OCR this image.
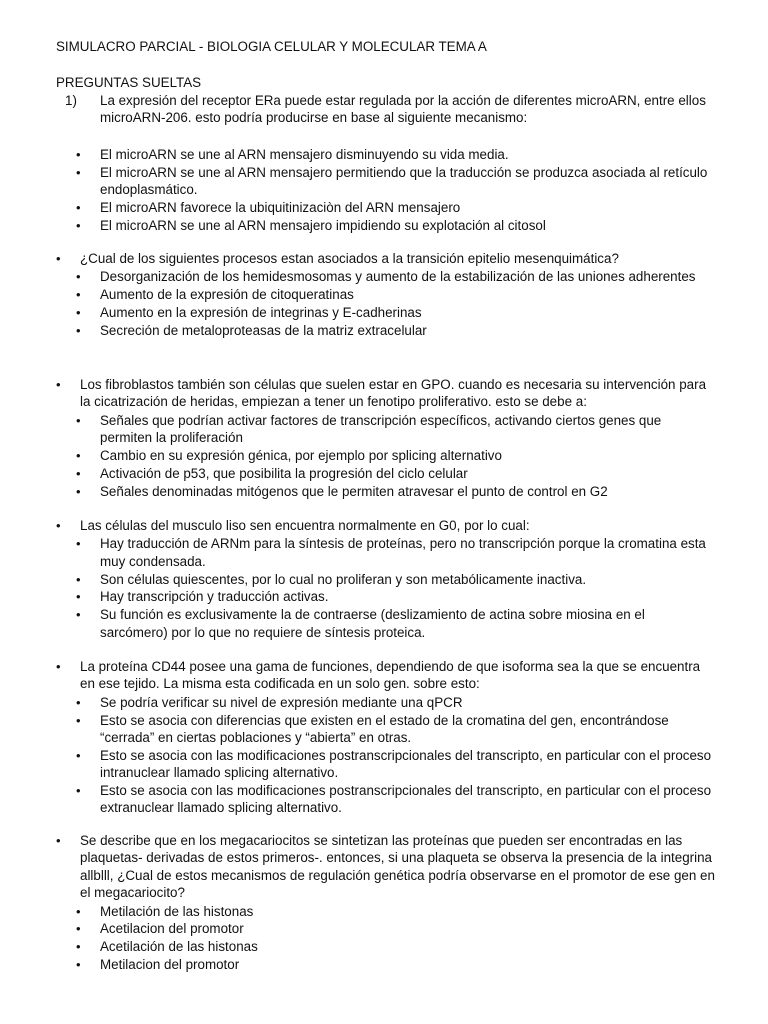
SIMULACRO PARCIAL - BIOLOGIA CELULAR Y MOLECULAR TEMA A
PREGUNTAS SUELTAS
1) La expresión del receptor ERa puede estar regulada por la acción de diferentes microARN, entre ellos microARN-206. esto podría producirse en base al siguiente mecanismo:
• El microARN se une al ARN mensajero disminuyendo su vida media.
• El microARN se une al ARN mensajero permitiendo que la traducción se produzca asociada al retículo endoplasmático.
• El microARN favorece la ubiquitinizaciòn del ARN mensajero
• El microARN se une al ARN mensajero impidiendo su explotación al citosol
• ¿Cual de los siguientes procesos estan asociados a la transición epitelio mesenquimática?
• Desorganización de los hemidesmosomas y aumento de la estabilización de las uniones adherentes
• Aumento de la expresión de citoqueratinas
• Aumento en la expresión de integrinas y E-cadherinas
• Secreción de metaloproteasas de la matriz extracelular
• Los fibroblastos también son células que suelen estar en GPO. cuando es necesaria su intervención para la cicatrización de heridas, empiezan a tener un fenotipo proliferativo. esto se debe a:
• Señales que podrían activar factores de transcripción específicos, activando ciertos genes que permiten la proliferación
• Cambio en su expresión génica, por ejemplo por splicing alternativo
• Activación de p53, que posibilita la progresión del ciclo celular
• Señales denominadas mitógenos que le permiten atravesar el punto de control en G2
• Las células del musculo liso sen encuentra normalmente en G0, por lo cual:
• Hay traducción de ARNm para la síntesis de proteínas, pero no transcripción porque la cromatina esta muy condensada.
• Son células quiescentes, por lo cual no proliferan y son metabólicamente inactiva.
• Hay transcripción y traducción activas.
• Su función es exclusivamente la de contraerse (deslizamiento de actina sobre miosina en el sarcómero) por lo que no requiere de síntesis proteica.
• La proteína CD44 posee una gama de funciones, dependiendo de que isoforma sea la que se encuentra en ese tejido. La misma esta codificada en un solo gen. sobre esto:
• Se podría verificar su nivel de expresión mediante una qPCR
• Esto se asocia con diferencias que existen en el estado de la cromatina del gen, encontrándose “cerrada” en ciertas poblaciones y “abierta” en otras.
• Esto se asocia con las modificaciones postranscripcionales del transcripto, en particular con el proceso intranuclear llamado splicing alternativo.
• Esto se asocia con las modificaciones postranscripcionales del transcripto, en particular con el proceso extranuclear llamado splicing alternativo.
• Se describe que en los megacariocitos se sintetizan las proteínas que pueden ser encontradas en las plaquetas- derivadas de estos primeros-. entonces, si una plaqueta se observa la presencia de la integrina allblll, ¿Cual de estos mecanismos de regulación genética podría observarse en el promotor de ese gen en el megacariocito?
• Metilación de las histonas
• Acetilacion del promotor
• Acetilación de las histonas
• Metilacion del promotor
